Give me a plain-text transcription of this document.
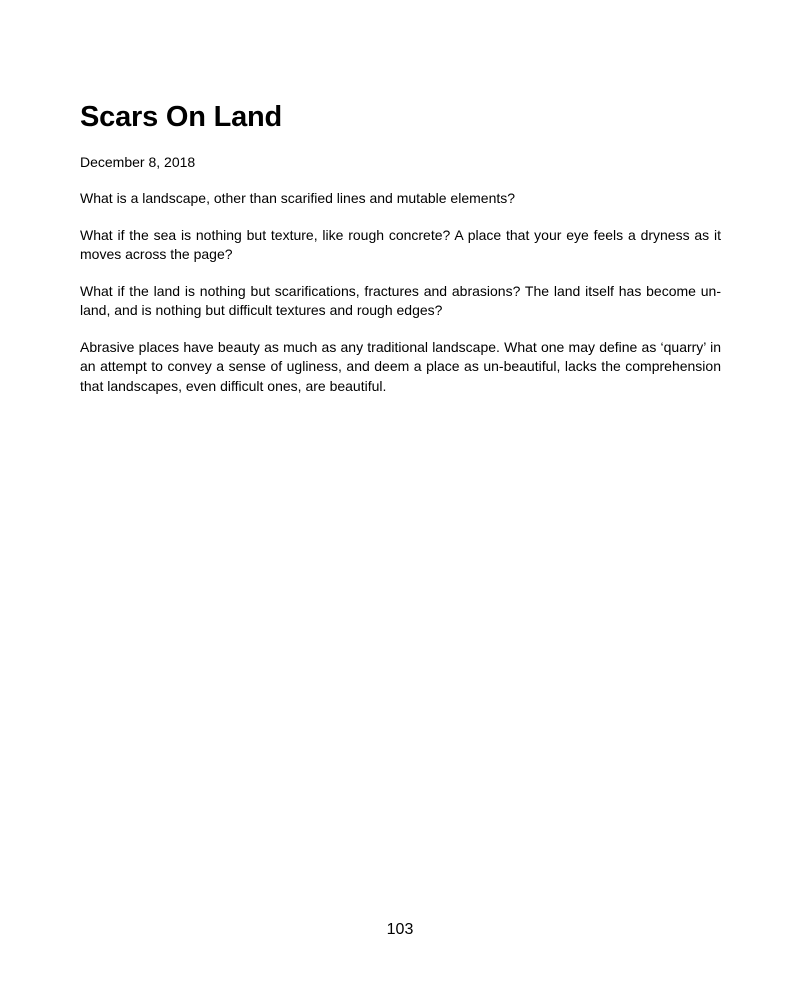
Scars On Land
December 8, 2018

What is a landscape, other than scarified lines and mutable elements?

What if the sea is nothing but texture, like rough concrete? A place that your eye feels a dryness as it moves across the page?

What if the land is nothing but scarifications, fractures and abrasions? The land itself has become un-land, and is nothing but difficult textures and rough edges?

Abrasive places have beauty as much as any traditional landscape. What one may define as ‘quarry’ in an attempt to convey a sense of ugliness, and deem a place as un-beautiful, lacks the comprehension that landscapes, even difficult ones, are beautiful.

103
